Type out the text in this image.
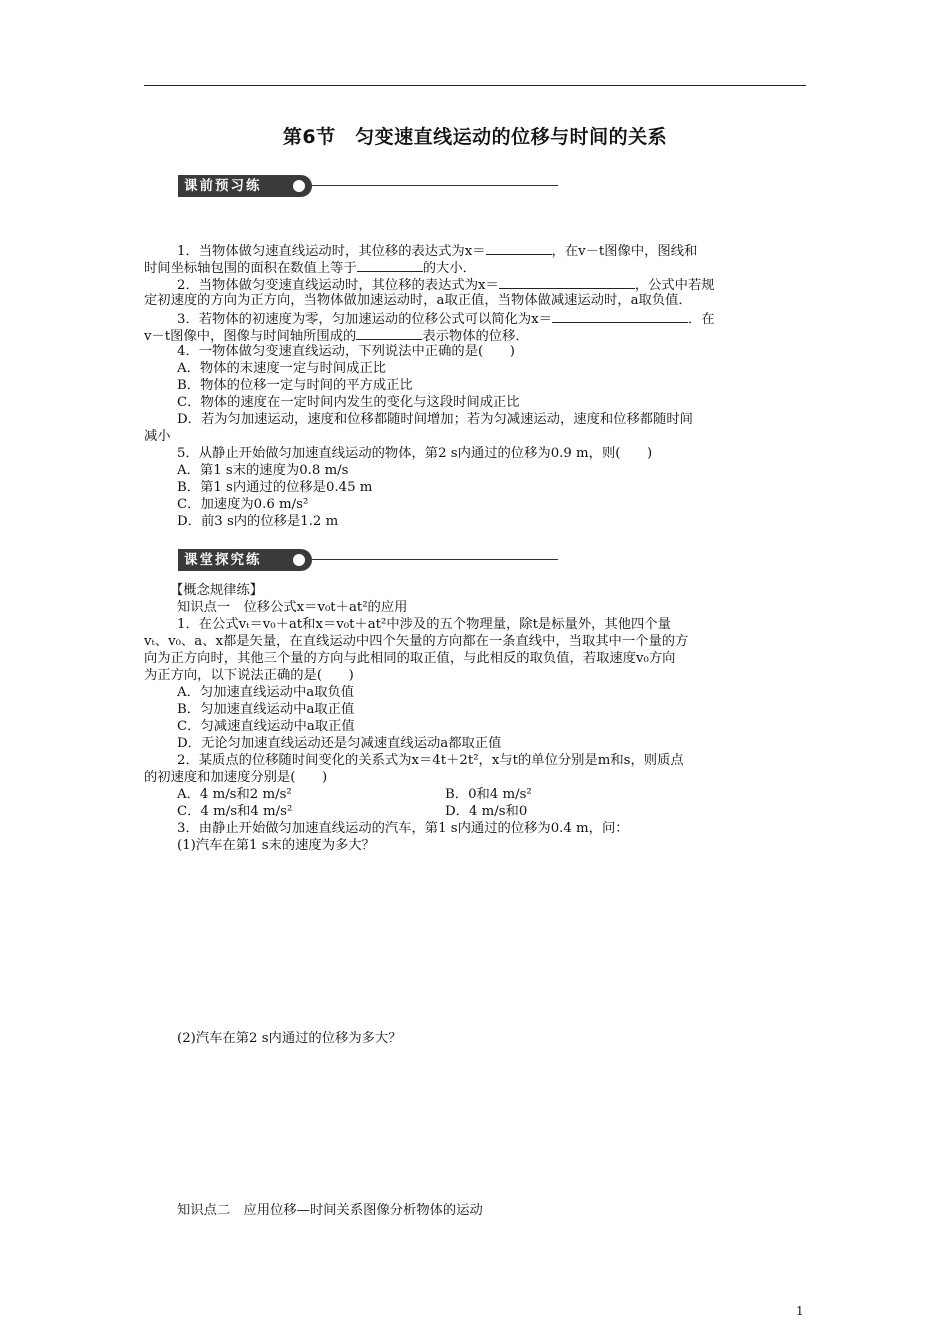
第6节　匀变速直线运动的位移与时间的关系
课前预习练
1．当物体做匀速直线运动时，其位移的表达式为x＝	，在v－t图像中，图线和
时间坐标轴包围的面积在数值上等于	的大小．
2．当物体做匀变速直线运动时，其位移的表达式为x＝	，公式中若规
定初速度的方向为正方向，当物体做加速运动时，a取正值，当物体做减速运动时，a取负值．
3．若物体的初速度为零，匀加速运动的位移公式可以简化为x＝	．在
v－t图像中，图像与时间轴所围成的	表示物体的位移．
4．一物体做匀变速直线运动，下列说法中正确的是(　　)
A．物体的末速度一定与时间成正比
B．物体的位移一定与时间的平方成正比
C．物体的速度在一定时间内发生的变化与这段时间成正比
D．若为匀加速运动，速度和位移都随时间增加；若为匀减速运动，速度和位移都随时间
减小
5．从静止开始做匀加速直线运动的物体，第2 s内通过的位移为0.9 m，则(　　)
A．第1 s末的速度为0.8 m/s
B．第1 s内通过的位移是0.45 m
C．加速度为0.6 m/s²
D．前3 s内的位移是1.2 m
课堂探究练
【概念规律练】
知识点一　位移公式x＝v₀t＋at²的应用
1．在公式vₜ＝v₀＋at和x＝v₀t＋at²中涉及的五个物理量，除t是标量外，其他四个量
vₜ、v₀、a、x都是矢量，在直线运动中四个矢量的方向都在一条直线中，当取其中一个量的方
向为正方向时，其他三个量的方向与此相同的取正值，与此相反的取负值，若取速度v₀方向
为正方向，以下说法正确的是(　　)
A．匀加速直线运动中a取负值
B．匀加速直线运动中a取正值
C．匀减速直线运动中a取正值
D．无论匀加速直线运动还是匀减速直线运动a都取正值
2．某质点的位移随时间变化的关系式为x＝4t＋2t²，x与t的单位分别是m和s，则质点
的初速度和加速度分别是(　　)
A．4 m/s和2 m/s²	B．0和4 m/s²
C．4 m/s和4 m/s²	D．4 m/s和0
3．由静止开始做匀加速直线运动的汽车，第1 s内通过的位移为0.4 m，问：
(1)汽车在第1 s末的速度为多大？
(2)汽车在第2 s内通过的位移为多大？
知识点二　应用位移—时间关系图像分析物体的运动
1
